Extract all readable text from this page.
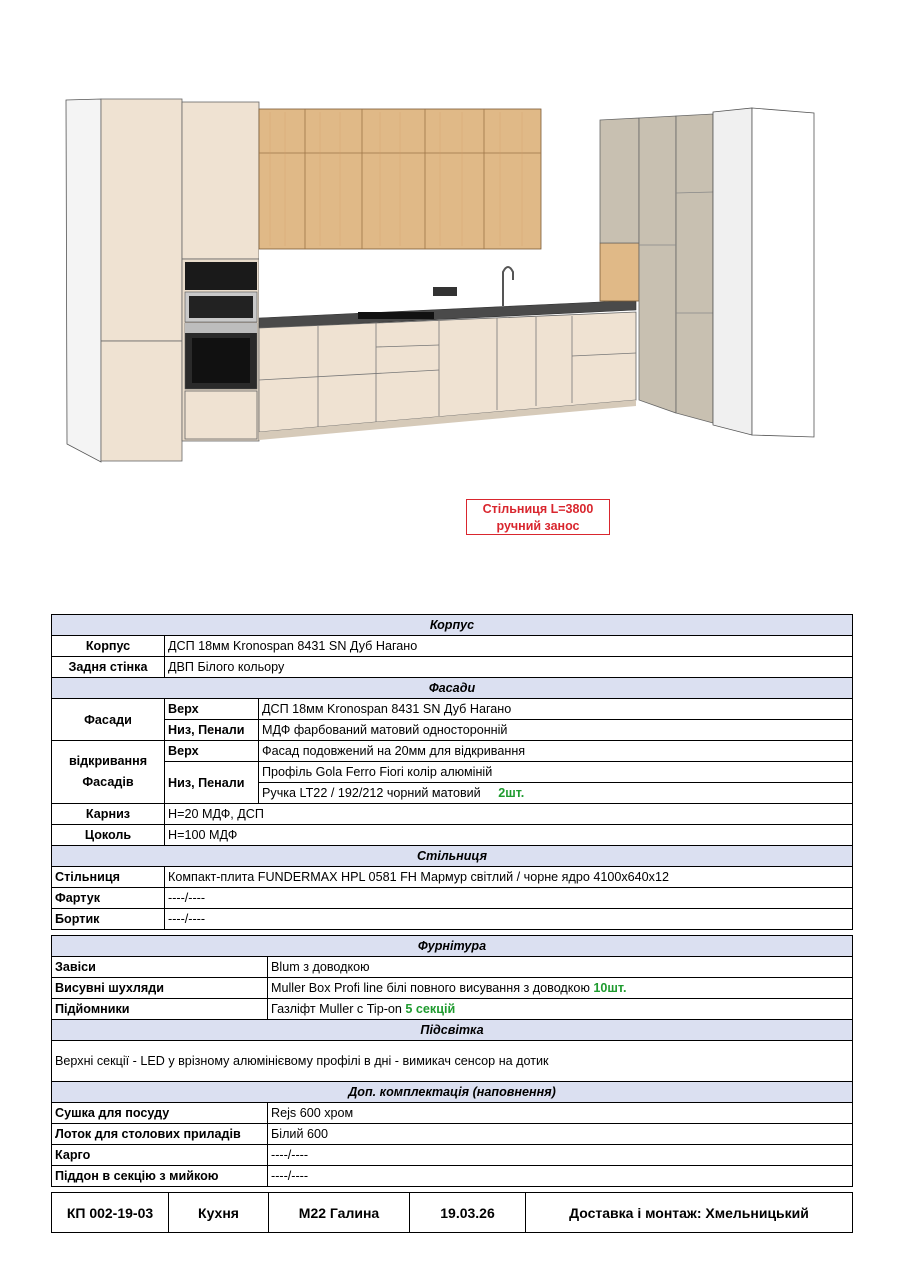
Стільниця L=3800
ручний занос
Корпус		
Корпус	ДСП 18мм Kronospan 8431 SN Дуб Нагано	
Задня стінка	ДВП Білого кольору	
Фасади		
Фасади	Верх	ДСП 18мм Kronospan 8431 SN Дуб Нагано
	Низ, Пенали	МДФ фарбований матовий односторонній
відкривання
Фасадів	Верх	Фасад подовжений на 20мм для відкривання
	Низ, Пенали	Профіль Gola Ferro Fiori колір алюміній
		Ручка LT22 / 192/212 чорний матовий 2шт.
Карниз	Н=20 МДФ, ДСП	
Цоколь	Н=100 МДФ	
Стільниця		
Стільниця	Компакт-плита FUNDERMAX HPL 0581 FH Мармур світлий / чорне ядро 4100х640х12	
Фартук	----/----	
Бортик	----/----	
Фурнітура	
Завіси	Blum з доводкою
Висувні шухляди	Muller Box Profi line білі повного висування з доводкою 10шт.
Підйомники	Газліфт Muller с Tip-on 5 секцій
Підсвітка	
Верхні секції - LED у врізному алюмінієвому профілі в дні - вимикач сенсор на дотик	
Доп. комплектація (наповнення)	
Сушка для посуду	Rejs 600 хром
Лоток для столових приладів	Білий 600
Карго	----/----
Піддон в секцію з мийкою	----/----
КП 002-19-03	Кухня	М22 Галина	19.03.26	Доставка і монтаж: Хмельницький
